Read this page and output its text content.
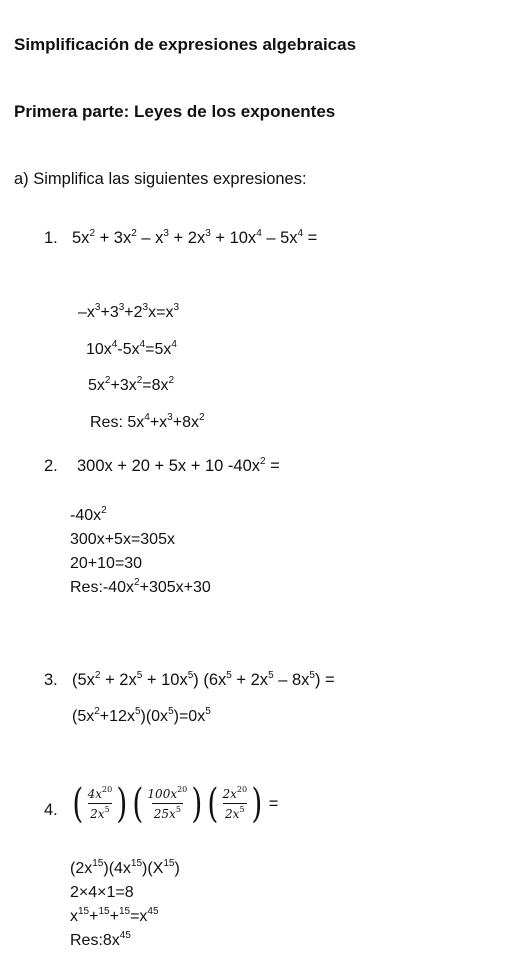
Simplificación de expresiones algebraicas
Primera parte: Leyes de los exponentes
a) Simplifica las siguientes expresiones:
1. $5x^2 + 3x^2 - x^3 + 2x^3 + 10x^4 - 5x^4$ =
$-x^3+3^3+2^3x=x^3$
$10x^4-5x^4=5x^4$
$5x^2+3x^2=8x^2$
Res: $5x^4+x^3+8x^2$
2. 300x + 20 + 5x + 10 $-40x^2$ =
$-40x^2$
300x+5x=305x
20+10=30
$Res:-40x^2+305x+30$
3. $(5x^2 + 2x^5 + 10x^5) (6x^5 + 2x^5 - 8x^5)$ =
$(5x^2+12x^5)(0x^5)=0x^5$
4. ( $\frac{4x^{20}}{2x^5}$ ) ( $\frac{100x^{20}}{25x^5}$ ) ( $\frac{2x^{20}}{2x^5}$ ) =
$(2x^{15})(4x^{15})(X^{15})$
2×4×1=8
$x^{15}+^{15}+^{15}=x^{45}$
$Res:8x^{45}$
